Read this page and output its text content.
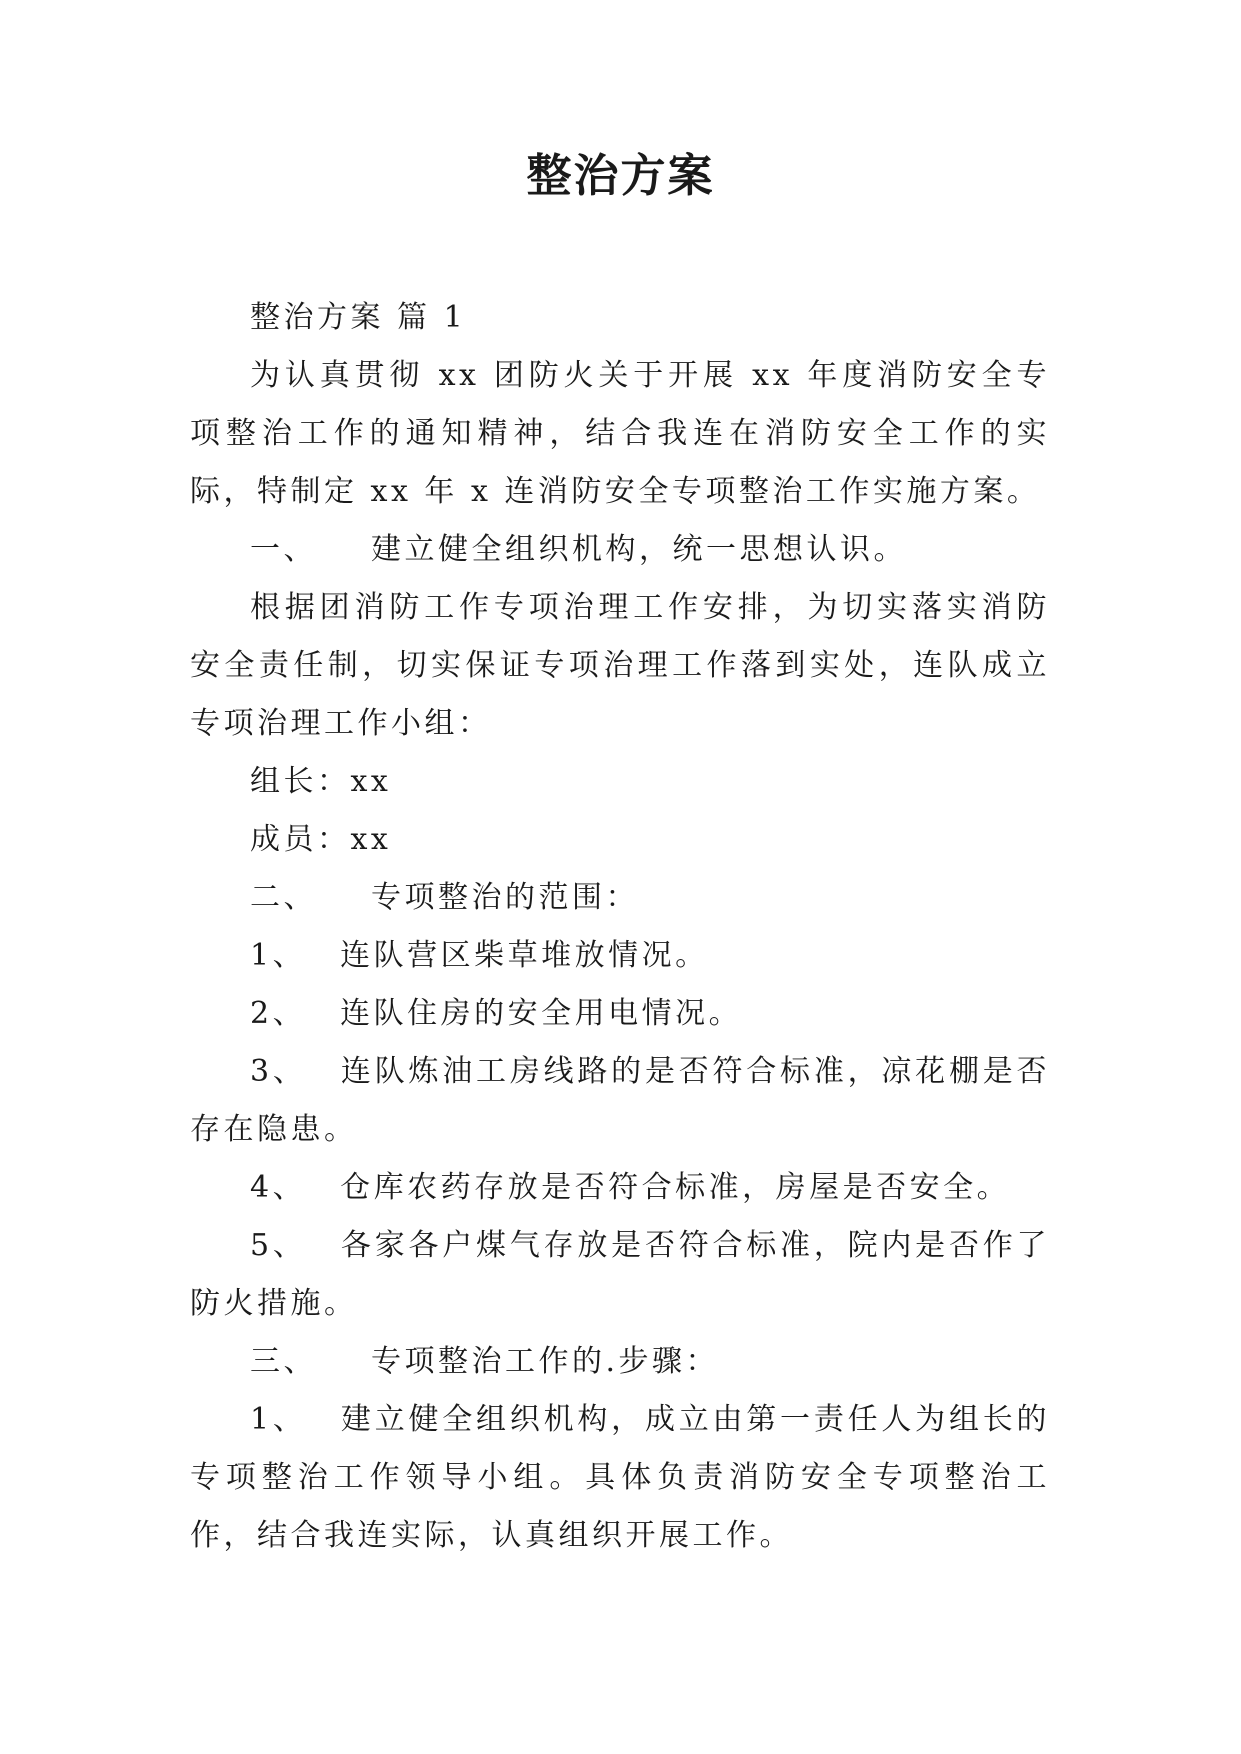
整治方案

整治方案 篇 1

为认真贯彻 xx 团防火关于开展 xx 年度消防安全专项整治工作的通知精神，结合我连在消防安全工作的实际，特制定 xx 年 x 连消防安全专项整治工作实施方案。

一、 建立健全组织机构，统一思想认识。

根据团消防工作专项治理工作安排，为切实落实消防安全责任制，切实保证专项治理工作落到实处，连队成立专项治理工作小组：

组长：xx

成员：xx

二、 专项整治的范围：

1、 连队营区柴草堆放情况。

2、 连队住房的安全用电情况。

3、 连队炼油工房线路的是否符合标准，凉花棚是否存在隐患。

4、 仓库农药存放是否符合标准，房屋是否安全。

5、 各家各户煤气存放是否符合标准，院内是否作了防火措施。

三、 专项整治工作的.步骤：

1、 建立健全组织机构，成立由第一责任人为组长的专项整治工作领导小组。具体负责消防安全专项整治工作，结合我连实际，认真组织开展工作。
